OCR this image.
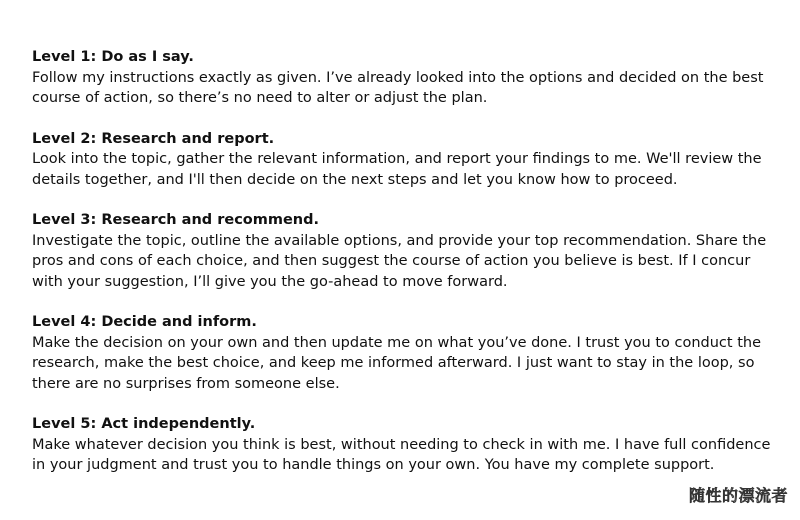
Level 1: Do as I say.

Follow my instructions exactly as given. I’ve already looked into the options and decided on the best course of action, so there’s no need to alter or adjust the plan.

Level 2: Research and report.

Look into the topic, gather the relevant information, and report your findings to me. We'll review the details together, and I'll then decide on the next steps and let you know how to proceed.

Level 3: Research and recommend.

Investigate the topic, outline the available options, and provide your top recommendation. Share the pros and cons of each choice, and then suggest the course of action you believe is best. If I concur with your suggestion, I’ll give you the go-ahead to move forward.

Level 4: Decide and inform.

Make the decision on your own and then update me on what you’ve done. I trust you to conduct the research, make the best choice, and keep me informed afterward. I just want to stay in the loop, so there are no surprises from someone else.

Level 5: Act independently.

Make whatever decision you think is best, without needing to check in with me. I have full confidence in your judgment and trust you to handle things on your own. You have my complete support.

随性的漂流者
